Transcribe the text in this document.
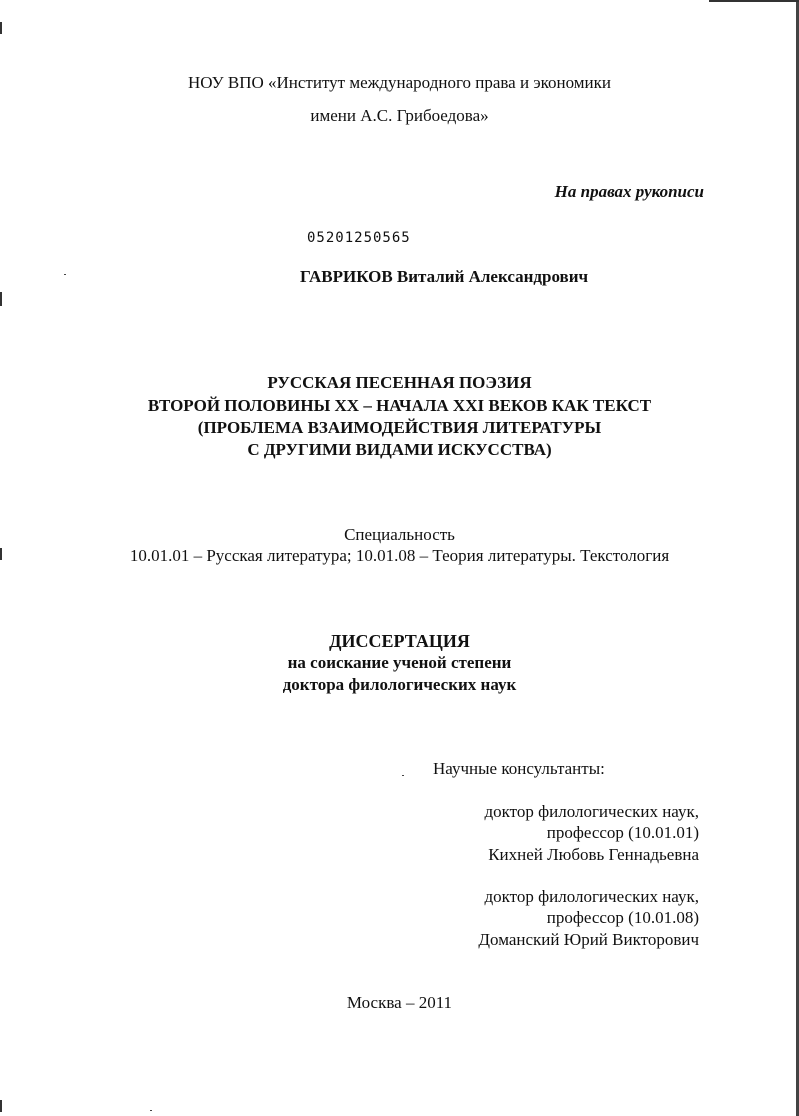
НОУ ВПО «Институт международного права и экономики
имени А.С. Грибоедова»
На правах рукописи
05201250565
ГАВРИКОВ Виталий Александрович
РУССКАЯ ПЕСЕННАЯ ПОЭЗИЯ
ВТОРОЙ ПОЛОВИНЫ XX – НАЧАЛА XXI ВЕКОВ КАК ТЕКСТ
(ПРОБЛЕМА ВЗАИМОДЕЙСТВИЯ ЛИТЕРАТУРЫ
С ДРУГИМИ ВИДАМИ ИСКУССТВА)
Специальность
10.01.01 – Русская литература; 10.01.08 – Теория литературы. Текстология
ДИССЕРТАЦИЯ
на соискание ученой степени
доктора филологических наук
Научные консультанты:
доктор филологических наук,
профессор (10.01.01)
Кихней Любовь Геннадьевна
доктор филологических наук,
профессор (10.01.08)
Доманский Юрий Викторович
Москва – 2011
